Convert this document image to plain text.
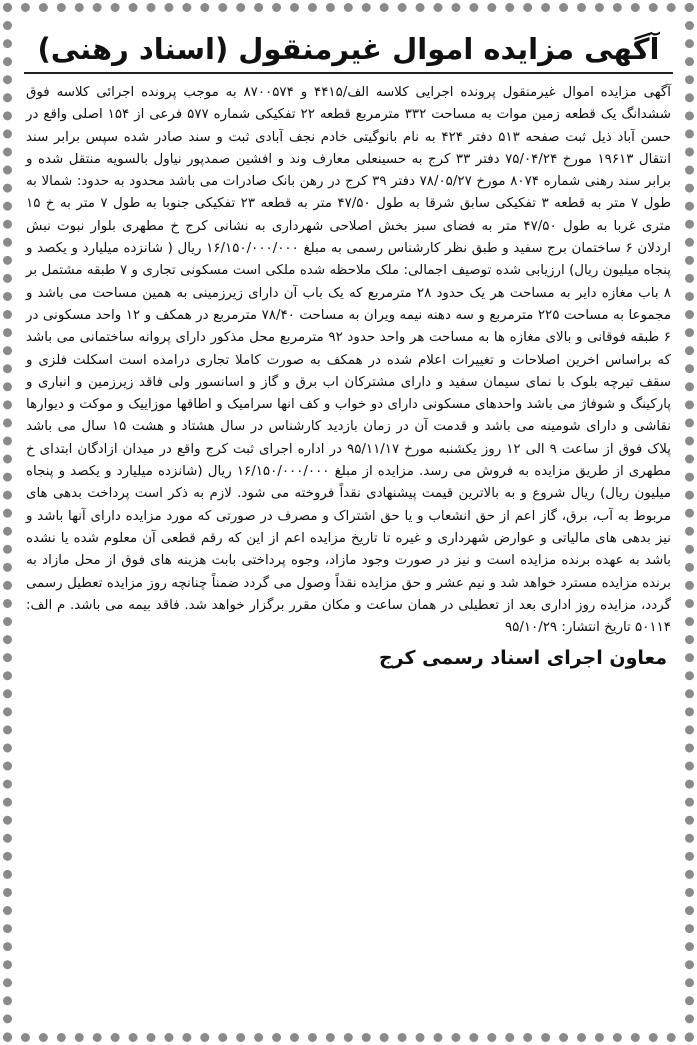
آگهی مزایده اموال غیرمنقول (اسناد رهنی)
آگهی مزایده اموال غیرمنقول پرونده اجرایی کلاسه الف/۴۴۱۵ و ۸۷۰۰۵۷۴ به موجب پرونده اجرائی کلاسه فوق ششدانگ یک قطعه زمین موات به مساحت ۳۳۲ مترمربع قطعه ۲۲ تفکیکی شماره ۵۷۷ فرعی از ۱۵۴ اصلی واقع در حسن آباد ذیل ثبت صفحه ۵۱۳ دفتر ۴۲۴ به نام بانوگیتی خادم نجف آبادی ثبت و سند صادر شده سپس برابر سند انتقال ۱۹۶۱۳ مورخ ۷۵/۰۴/۲۴ دفتر ۳۳ کرج به حسینعلی معارف وند و افشین صمدپور نیاول بالسویه منتقل شده و برابر سند رهنی شماره ۸۰۷۴ مورخ ۷۸/۰۵/۲۷ دفتر ۳۹ کرج در رهن بانک صادرات می باشد محدود به حدود: شمالا به طول ۷ متر به قطعه ۳ تفکیکی سابق شرقا به طول ۴۷/۵۰ متر به قطعه ۲۳ تفکیکی جنوبا به طول ۷ متر به خ ۱۵ متری غربا به طول ۴۷/۵۰ متر به فضای سبز بخش اصلاحی شهرداری به نشانی کرج خ مطهری بلوار نبوت نبش اردلان ۶ ساختمان برج سفید و طبق نظر کارشناس رسمی به مبلغ ۱۶/۱۵۰/۰۰۰/۰۰۰ ریال ( شانزده میلیارد و یکصد و پنجاه میلیون ریال) ارزیابی شده توصیف اجمالی: ملک ملاحظه شده ملکی است مسکونی تجاری و ۷ طبقه مشتمل بر ۸ باب مغازه دایر به مساحت هر یک حدود ۲۸ مترمربع که یک باب آن دارای زیرزمینی به همین مساحت می باشد و مجموعا به مساحت ۲۲۵ مترمربع و سه دهنه نیمه ویران به مساحت ۷۸/۴۰ مترمربع در همکف و ۱۲ واحد مسکونی در ۶ طبقه فوقانی و بالای مغازه ها به مساحت هر واحد حدود ۹۲ مترمربع محل مذکور دارای پروانه ساختمانی می باشد که براساس اخرین اصلاحات و تغییرات اعلام شده در همکف به صورت کاملا تجاری درامده است اسکلت فلزی و سقف تیرچه بلوک با نمای سیمان سفید و دارای مشترکان اب برق و گاز و اسانسور ولی فاقد زیرزمین و انباری و پارکینگ و شوفاژ می باشد واحدهای مسکونی دارای دو خواب و کف انها سرامیک و اطاقها موزاییک و موکت و دیوارها نقاشی و دارای شومینه می باشد و قدمت آن در زمان بازدید کارشناس در سال هشتاد و هشت ۱۵ سال می باشد پلاک فوق از ساعت ۹ الی ۱۲ روز یکشنبه مورخ ۹۵/۱۱/۱۷ در اداره اجرای ثبت کرج واقع در میدان ازادگان ابتدای خ مطهری از طریق مزایده به فروش می رسد. مزایده از مبلغ ۱۶/۱۵۰/۰۰۰/۰۰۰ ریال (شانزده میلیارد و یکصد و پنجاه میلیون ریال) ریال شروع و به بالاترین قیمت پیشنهادی نقداً فروخته می شود. لازم به ذکر است پرداخت بدهی های مربوط به آب، برق، گاز اعم از حق انشعاب و یا حق اشتراک و مصرف در صورتی که مورد مزایده دارای آنها باشد و نیز بدهی های مالیاتی و عوارض شهرداری و غیره تا تاریخ مزایده اعم از این که رقم قطعی آن معلوم شده یا نشده باشد به عهده برنده مزایده است و نیز در صورت وجود مازاد، وجوه پرداختی بابت هزینه های فوق از محل مازاد به برنده مزایده مسترد خواهد شد و نیم عشر و حق مزایده نقداً وصول می گردد ضمناً چنانچه روز مزایده تعطیل رسمی گردد، مزایده روز اداری بعد از تعطیلی در همان ساعت و مکان مقرر برگزار خواهد شد. فاقد بیمه می باشد. م الف: ۵۰۱۱۴ تاریخ انتشار: ۹۵/۱۰/۲۹
معاون اجرای اسناد رسمی کرج
